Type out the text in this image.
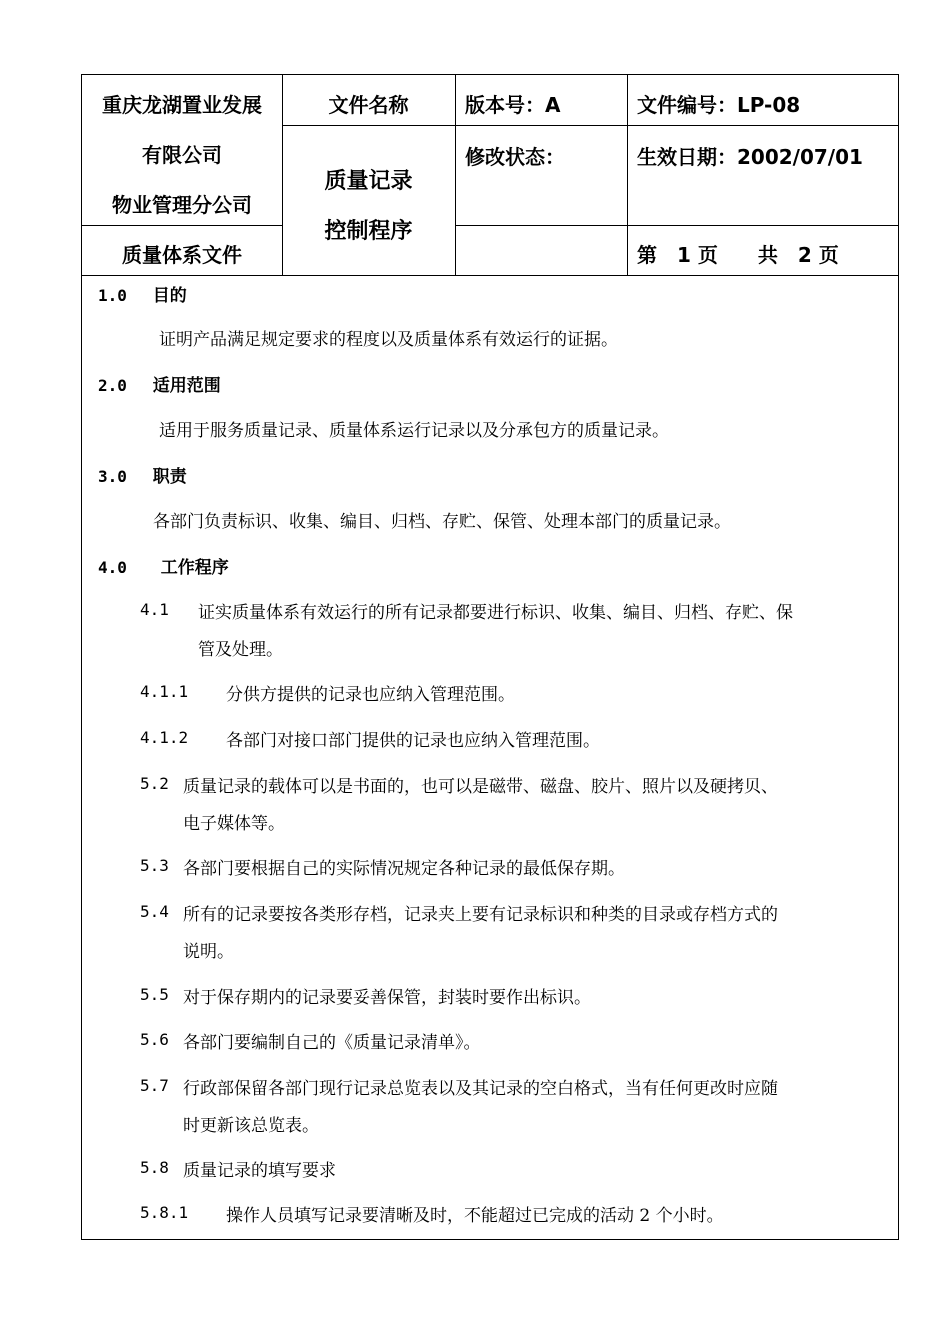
重庆龙湖置业发展
有限公司
物业管理分公司
质量体系文件
文件名称
质量记录
控制程序
版本号：A
修改状态：
文件编号：LP-08
生效日期：2002/07/01
第　1 页　　共　2 页
1.0 目的
证明产品满足规定要求的程度以及质量体系有效运行的证据。
2.0 适用范围
适用于服务质量记录、质量体系运行记录以及分承包方的质量记录。
3.0 职责
各部门负责标识、收集、编目、归档、存贮、保管、处理本部门的质量记录。
4.0 工作程序
4.1 证实质量体系有效运行的所有记录都要进行标识、收集、编目、归档、存贮、保
管及处理。
4.1.1 分供方提供的记录也应纳入管理范围。
4.1.2 各部门对接口部门提供的记录也应纳入管理范围。
5.2 质量记录的载体可以是书面的，也可以是磁带、磁盘、胶片、照片以及硬拷贝、
电子媒体等。
5.3 各部门要根据自己的实际情况规定各种记录的最低保存期。
5.4 所有的记录要按各类形存档，记录夹上要有记录标识和种类的目录或存档方式的
说明。
5.5 对于保存期内的记录要妥善保管，封装时要作出标识。
5.6 各部门要编制自己的《质量记录清单》。
5.7 行政部保留各部门现行记录总览表以及其记录的空白格式，当有任何更改时应随
时更新该总览表。
5.8 质量记录的填写要求
5.8.1 操作人员填写记录要清晰及时，不能超过已完成的活动 2 个小时。
